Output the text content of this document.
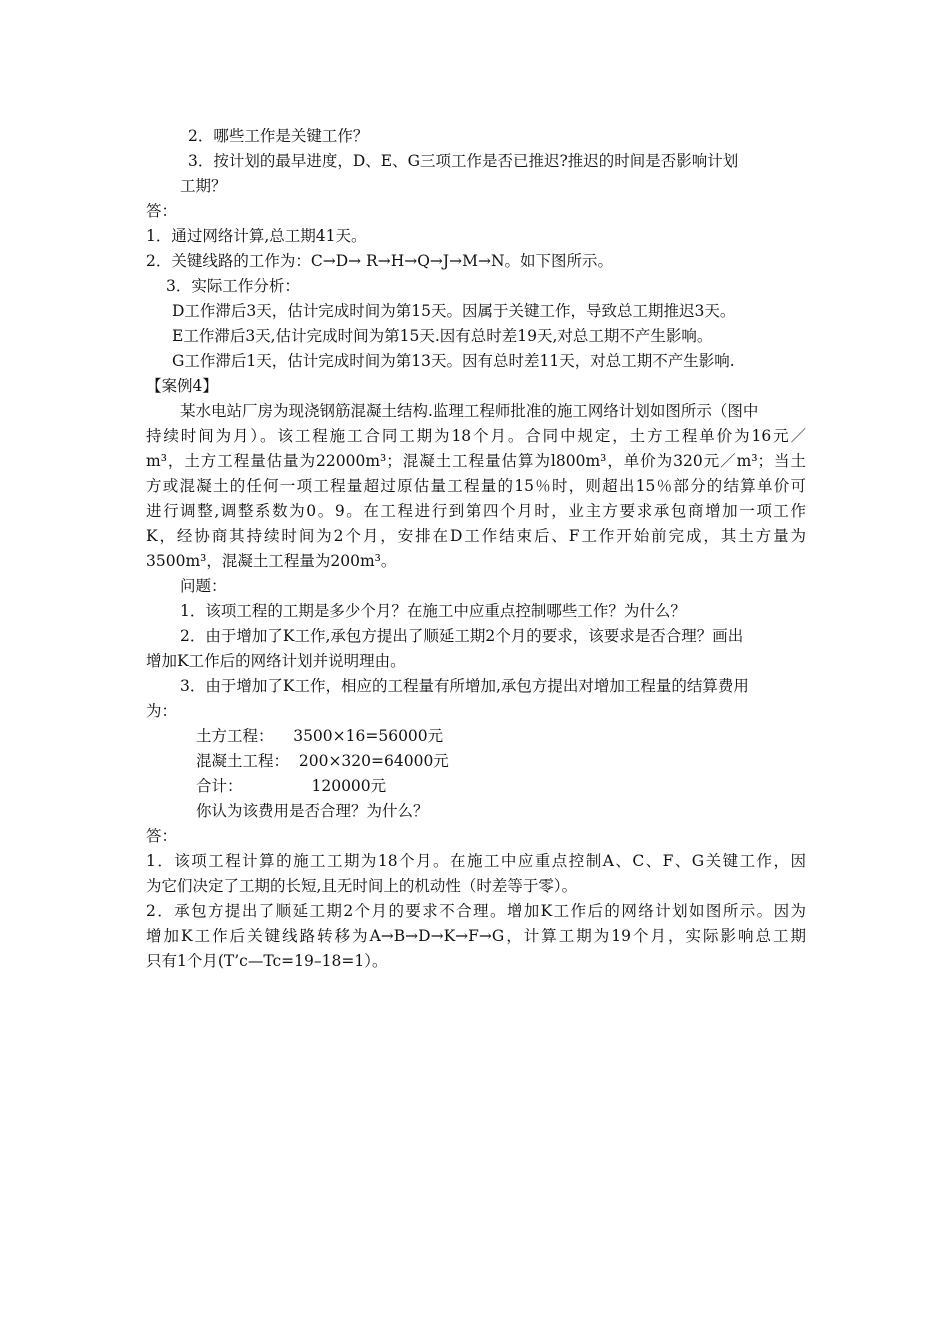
2．哪些工作是关键工作？
3．按计划的最早进度，D、E、G三项工作是否已推迟?推迟的时间是否影响计划
工期？
答：
1．通过网络计算,总工期41天。
2．关键线路的工作为：C→D→ R→H→Q→J→M→N。如下图所示。
3．实际工作分析：
D工作滞后3天，估计完成时间为第15天。因属于关键工作，导致总工期推迟3天。
E工作滞后3天,估计完成时间为第15天.因有总时差19天,对总工期不产生影响。
G工作滞后1天，估计完成时间为第13天。因有总时差11天，对总工期不产生影响.
【案例4】
某水电站厂房为现浇钢筋混凝土结构.监理工程师批准的施工网络计划如图所示（图中
持续时间为月）。该工程施工合同工期为18个月。合同中规定，土方工程单价为16元／
m³，土方工程量估量为22000m³；混凝土工程量估算为l800m³，单价为320元／m³；当土
方或混凝土的任何一项工程量超过原估量工程量的15％时，则超出15％部分的结算单价可
进行调整,调整系数为0。9。在工程进行到第四个月时，业主方要求承包商增加一项工作
K，经协商其持续时间为2个月，安排在D工作结束后、F工作开始前完成，其土方量为
3500m³，混凝土工程量为200m³。
问题：
1．该项工程的工期是多少个月？在施工中应重点控制哪些工作？为什么？
2．由于增加了K工作,承包方提出了顺延工期2个月的要求，该要求是否合理？画出
增加K工作后的网络计划并说明理由。
3．由于增加了K工作，相应的工程量有所增加,承包方提出对增加工程量的结算费用
为：
土方工程：    3500×16=56000元
混凝土工程：  200×320=64000元
合计：              120000元
你认为该费用是否合理？为什么？
答：
1．该项工程计算的施工工期为18个月。在施工中应重点控制A、C、F、G关键工作，因
为它们决定了工期的长短,且无时间上的机动性（时差等于零）。
2．承包方提出了顺延工期2个月的要求不合理。增加K工作后的网络计划如图所示。因为
增加K工作后关键线路转移为A→B→D→K→F→G，计算工期为19个月，实际影响总工期
只有1个月(T’c—Tc=19–18=1）。
